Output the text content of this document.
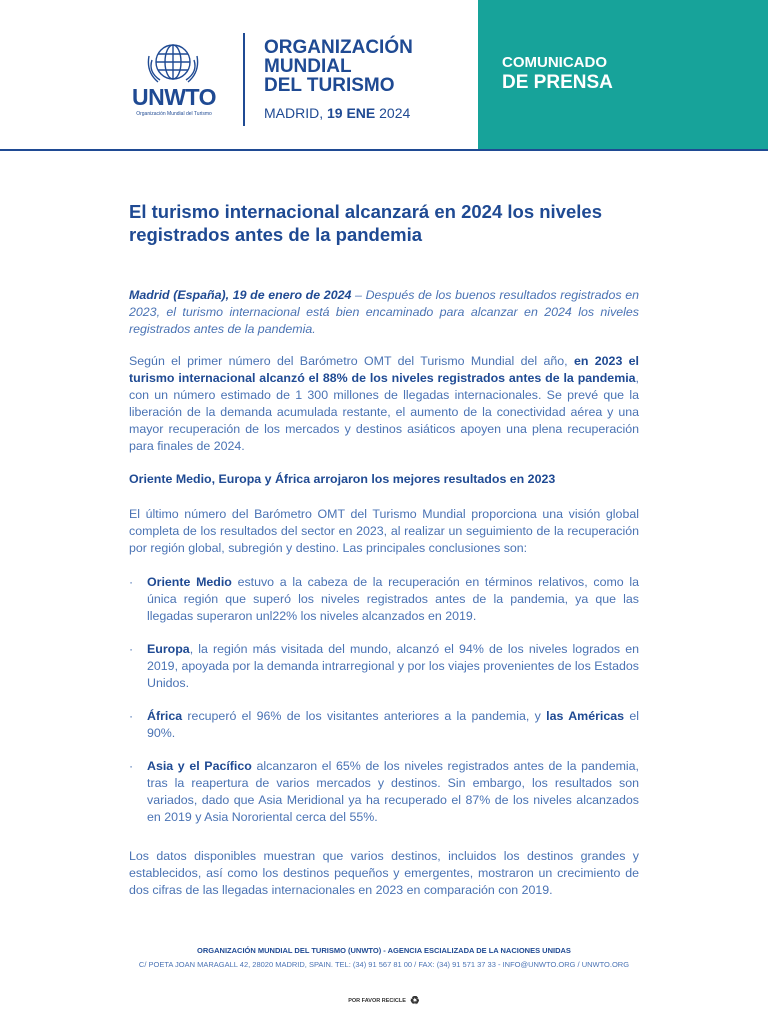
UNWTO
Organización Mundial del Turismo
ORGANIZACIÓN
MUNDIAL
DEL TURISMO
MADRID, 19 ENE 2024
COMUNICADO
DE PRENSA
El turismo internacional alcanzará en 2024 los niveles registrados antes de la pandemia

Madrid (España), 19 de enero de 2024 – Después de los buenos resultados registrados en 2023, el turismo internacional está bien encaminado para alcanzar en 2024 los niveles registrados antes de la pandemia.

Según el primer número del Barómetro OMT del Turismo Mundial del año, en 2023 el turismo internacional alcanzó el 88% de los niveles registrados antes de la pandemia, con un número estimado de 1 300 millones de llegadas internacionales. Se prevé que la liberación de la demanda acumulada restante, el aumento de la conectividad aérea y una mayor recuperación de los mercados y destinos asiáticos apoyen una plena recuperación para finales de 2024.

Oriente Medio, Europa y África arrojaron los mejores resultados en 2023

El último número del Barómetro OMT del Turismo Mundial proporciona una visión global completa de los resultados del sector en 2023, al realizar un seguimiento de la recuperación por región global, subregión y destino. Las principales conclusiones son:

· Oriente Medio estuvo a la cabeza de la recuperación en términos relativos, como la única región que superó los niveles registrados antes de la pandemia, ya que las llegadas superaron unl22% los niveles alcanzados en 2019.
· Europa, la región más visitada del mundo, alcanzó el 94% de los niveles logrados en 2019, apoyada por la demanda intrarregional y por los viajes provenientes de los Estados Unidos.
· África recuperó el 96% de los visitantes anteriores a la pandemia, y las Américas el 90%.
· Asia y el Pacífico alcanzaron el 65% de los niveles registrados antes de la pandemia, tras la reapertura de varios mercados y destinos. Sin embargo, los resultados son variados, dado que Asia Meridional ya ha recuperado el 87% de los niveles alcanzados en 2019 y Asia Nororiental cerca del 55%.

Los datos disponibles muestran que varios destinos, incluidos los destinos grandes y establecidos, así como los destinos pequeños y emergentes, mostraron un crecimiento de dos cifras de las llegadas internacionales en 2023 en comparación con 2019.

ORGANIZACIÓN MUNDIAL DEL TURISMO (UNWTO) - AGENCIA ESCIALIZADA DE LA NACIONES UNIDAS
C/ POETA JOAN MARAGALL 42, 28020 MADRID, SPAIN. TEL: (34) 91 567 81 00 / FAX: (34) 91 571 37 33 - INFO@UNWTO.ORG / UNWTO.ORG
POR FAVOR RECICLE ♻
